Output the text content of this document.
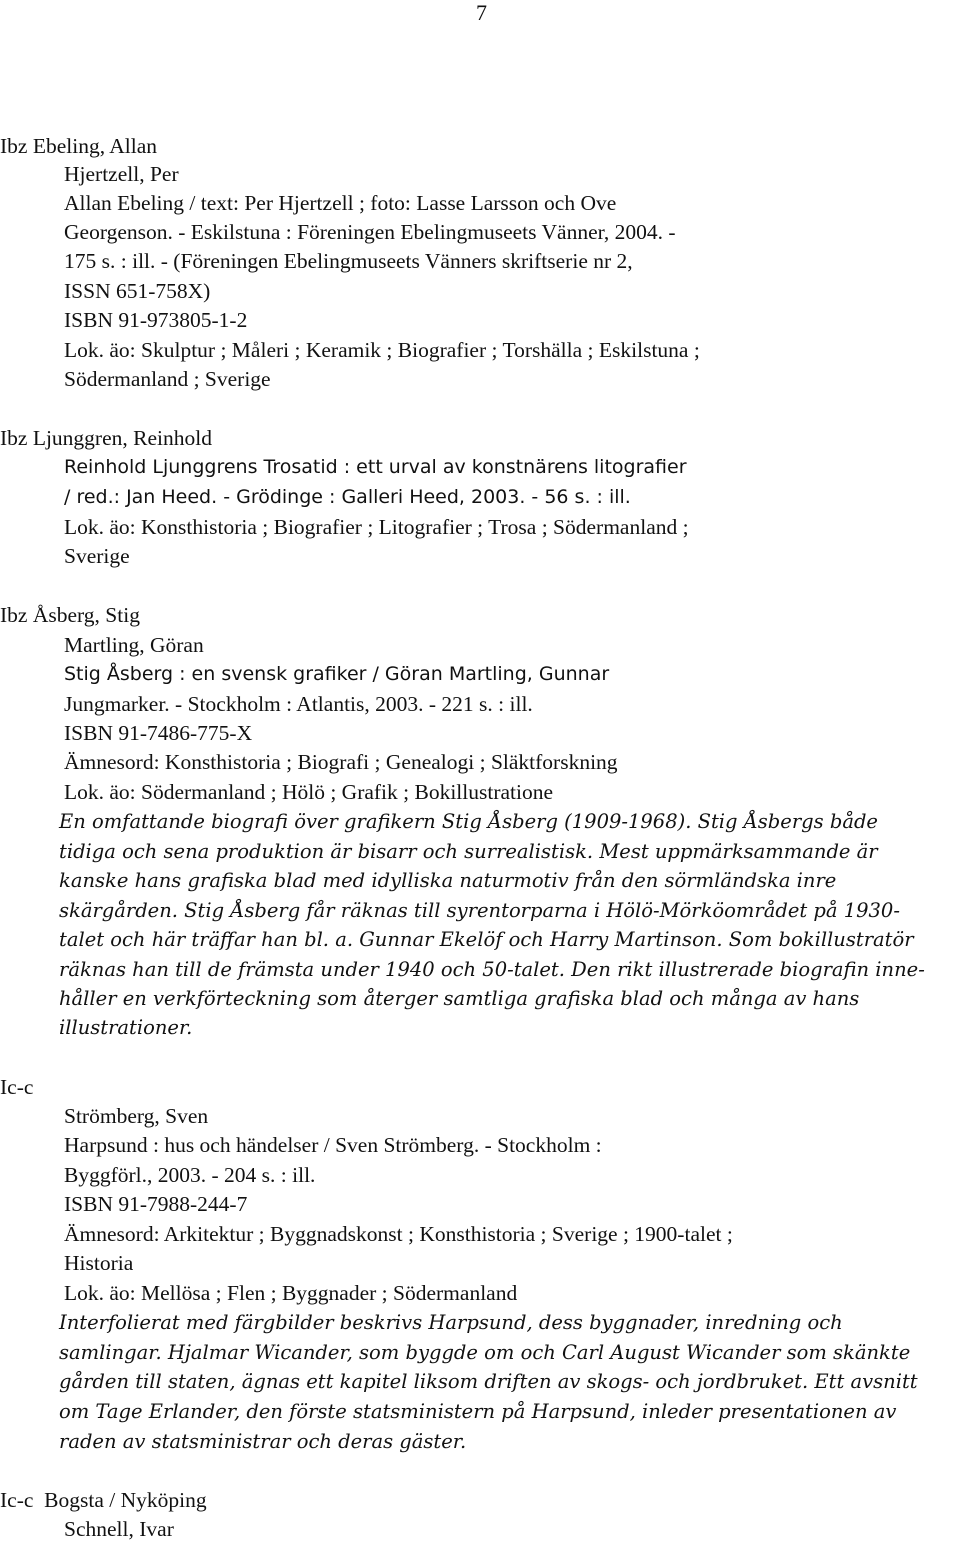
7
Ibz Ebeling, Allan
Hjertzell, Per
Allan Ebeling / text: Per Hjertzell ; foto: Lasse Larsson och Ove
Georgenson. - Eskilstuna : Föreningen Ebelingmuseets Vänner, 2004. -
175 s. : ill. - (Föreningen Ebelingmuseets Vänners skriftserie nr 2,
ISSN 651-758X)
ISBN 91-973805-1-2
Lok. äo: Skulptur ; Måleri ; Keramik ; Biografier ; Torshälla ; Eskilstuna ;
Södermanland ; Sverige
Ibz Ljunggren, Reinhold
Reinhold Ljunggrens Trosatid : ett urval av konstnärens litografier
/ red.: Jan Heed. - Grödinge : Galleri Heed, 2003. - 56 s. : ill.
Lok. äo: Konsthistoria ; Biografier ; Litografier ; Trosa ; Södermanland ;
Sverige
Ibz Åsberg, Stig
Martling, Göran
Stig Åsberg : en svensk grafiker / Göran Martling, Gunnar
Jungmarker. - Stockholm : Atlantis, 2003. - 221 s. : ill.
ISBN 91-7486-775-X
Ämnesord: Konsthistoria ; Biografi ; Genealogi ; Släktforskning
Lok. äo: Södermanland ; Hölö ; Grafik ; Bokillustratione
En omfattande biografi över grafikern Stig Åsberg (1909-1968). Stig Åsbergs både
tidiga och sena produktion är bisarr och surrealistisk. Mest uppmärksammande är
kanske hans grafiska blad med idylliska naturmotiv från den sörmländska inre
skärgården. Stig Åsberg får räknas till syrentorparna i Hölö-Mörköområdet på 1930-
talet och här träffar han bl. a. Gunnar Ekelöf och Harry Martinson. Som bokillustratör
räknas han till de främsta under 1940 och 50-talet. Den rikt illustrerade biografin inne-
håller en verkförteckning som återger samtliga grafiska blad och många av hans
illustrationer.
Ic-c
Strömberg, Sven
Harpsund : hus och händelser / Sven Strömberg. - Stockholm :
Byggförl., 2003. - 204 s. : ill.
ISBN 91-7988-244-7
Ämnesord: Arkitektur ; Byggnadskonst ; Konsthistoria ; Sverige ; 1900-talet ;
Historia
Lok. äo: Mellösa ; Flen ; Byggnader ; Södermanland
Interfolierat med färgbilder beskrivs Harpsund, dess byggnader, inredning och
samlingar. Hjalmar Wicander, som byggde om och Carl August Wicander som skänkte
gården till staten, ägnas ett kapitel liksom driften av skogs- och jordbruket. Ett avsnitt
om Tage Erlander, den förste statsministern på Harpsund, inleder presentationen av
raden av statsministrar och deras gäster.
Ic-c  Bogsta / Nyköping
Schnell, Ivar
